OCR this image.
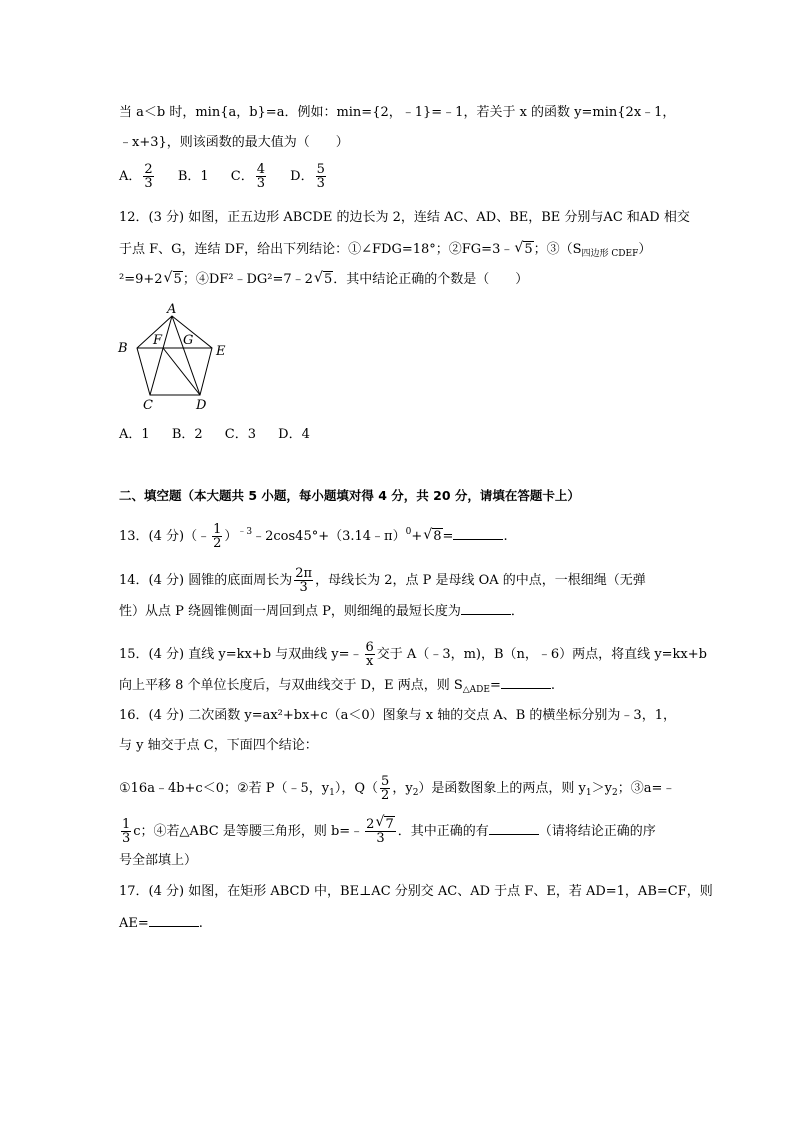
当 a＜b 时，min{a，b}=a．例如：min={2，﹣1}=﹣1，若关于 x 的函数 y=min{2x﹣1，
﹣x+3}，则该函数的最大值为（　　）
A． $\frac{2}{3}$ B．1 C． $\frac{4}{3}$ D． $\frac{5}{3}$
12．(3 分) 如图，正五边形 ABCDE 的边长为 2，连结 AC、AD、BE，BE 分别与AC 和AD 相交
于点 F、G，连结 DF，给出下列结论：①∠FDG=18°；②FG=3﹣ √ 5；$③(S_{四边形 CDEF})$
²=9+2 √ 5；④DF²﹣DG²=7﹣2 √ 5．其中结论正确的个数是（　　）
A
B	E
F G
C	D
A．1 B．2 C．3 D．4
二、填空题（本大题共 5 小题，每小题填对得 4 分，共 20 分，请填在答题卡上）
13．(4 分)（﹣ $\frac{1}{2}$ ）$^{﹣3}$﹣2cos45°+（3.14﹣π）$^0$+ √ 8=	.
14．(4 分) 圆锥的底面周长为 $\frac{2\pi}{3}$ ，母线长为 2，点 P 是母线 OA 的中点，一根细绳（无弹
性）从点 P 绕圆锥侧面一周回到点 P，则细绳的最短长度为	．
15．(4 分) 直线 y=kx+b 与双曲线 y=﹣ $\frac{6}{x}$ 交于 A（﹣3，m)，B（n，﹣6）两点，将直线 y=kx+b
向上平移 8 个单位长度后，与双曲线交于 D，E 两点，则 $S_{\triangle ADE}=$	.
16．(4 分) 二次函数 y=ax²+bx+c（a＜0）图象与 x 轴的交点 A、B 的横坐标分别为﹣3，1，
与 y 轴交于点 C，下面四个结论：
①16a﹣4b+c＜0；②若 P（﹣5，$y_1$），$Q( \frac{5}{2}$ ，$y_2$）是函数图象上的两点，则 $y_1>y_2$；③a=﹣
$\frac{1}{3}$ c；④若△ABC 是等腰三角形，则 b=﹣ $\frac{2 √ 7}{3}$ ．其中正确的有	（请将结论正确的序
号全部填上）
17．(4 分) 如图，在矩形 ABCD 中，BE⊥AC 分别交 AC、AD 于点 F、E，若 AD=1，AB=CF，则
AE=	.
